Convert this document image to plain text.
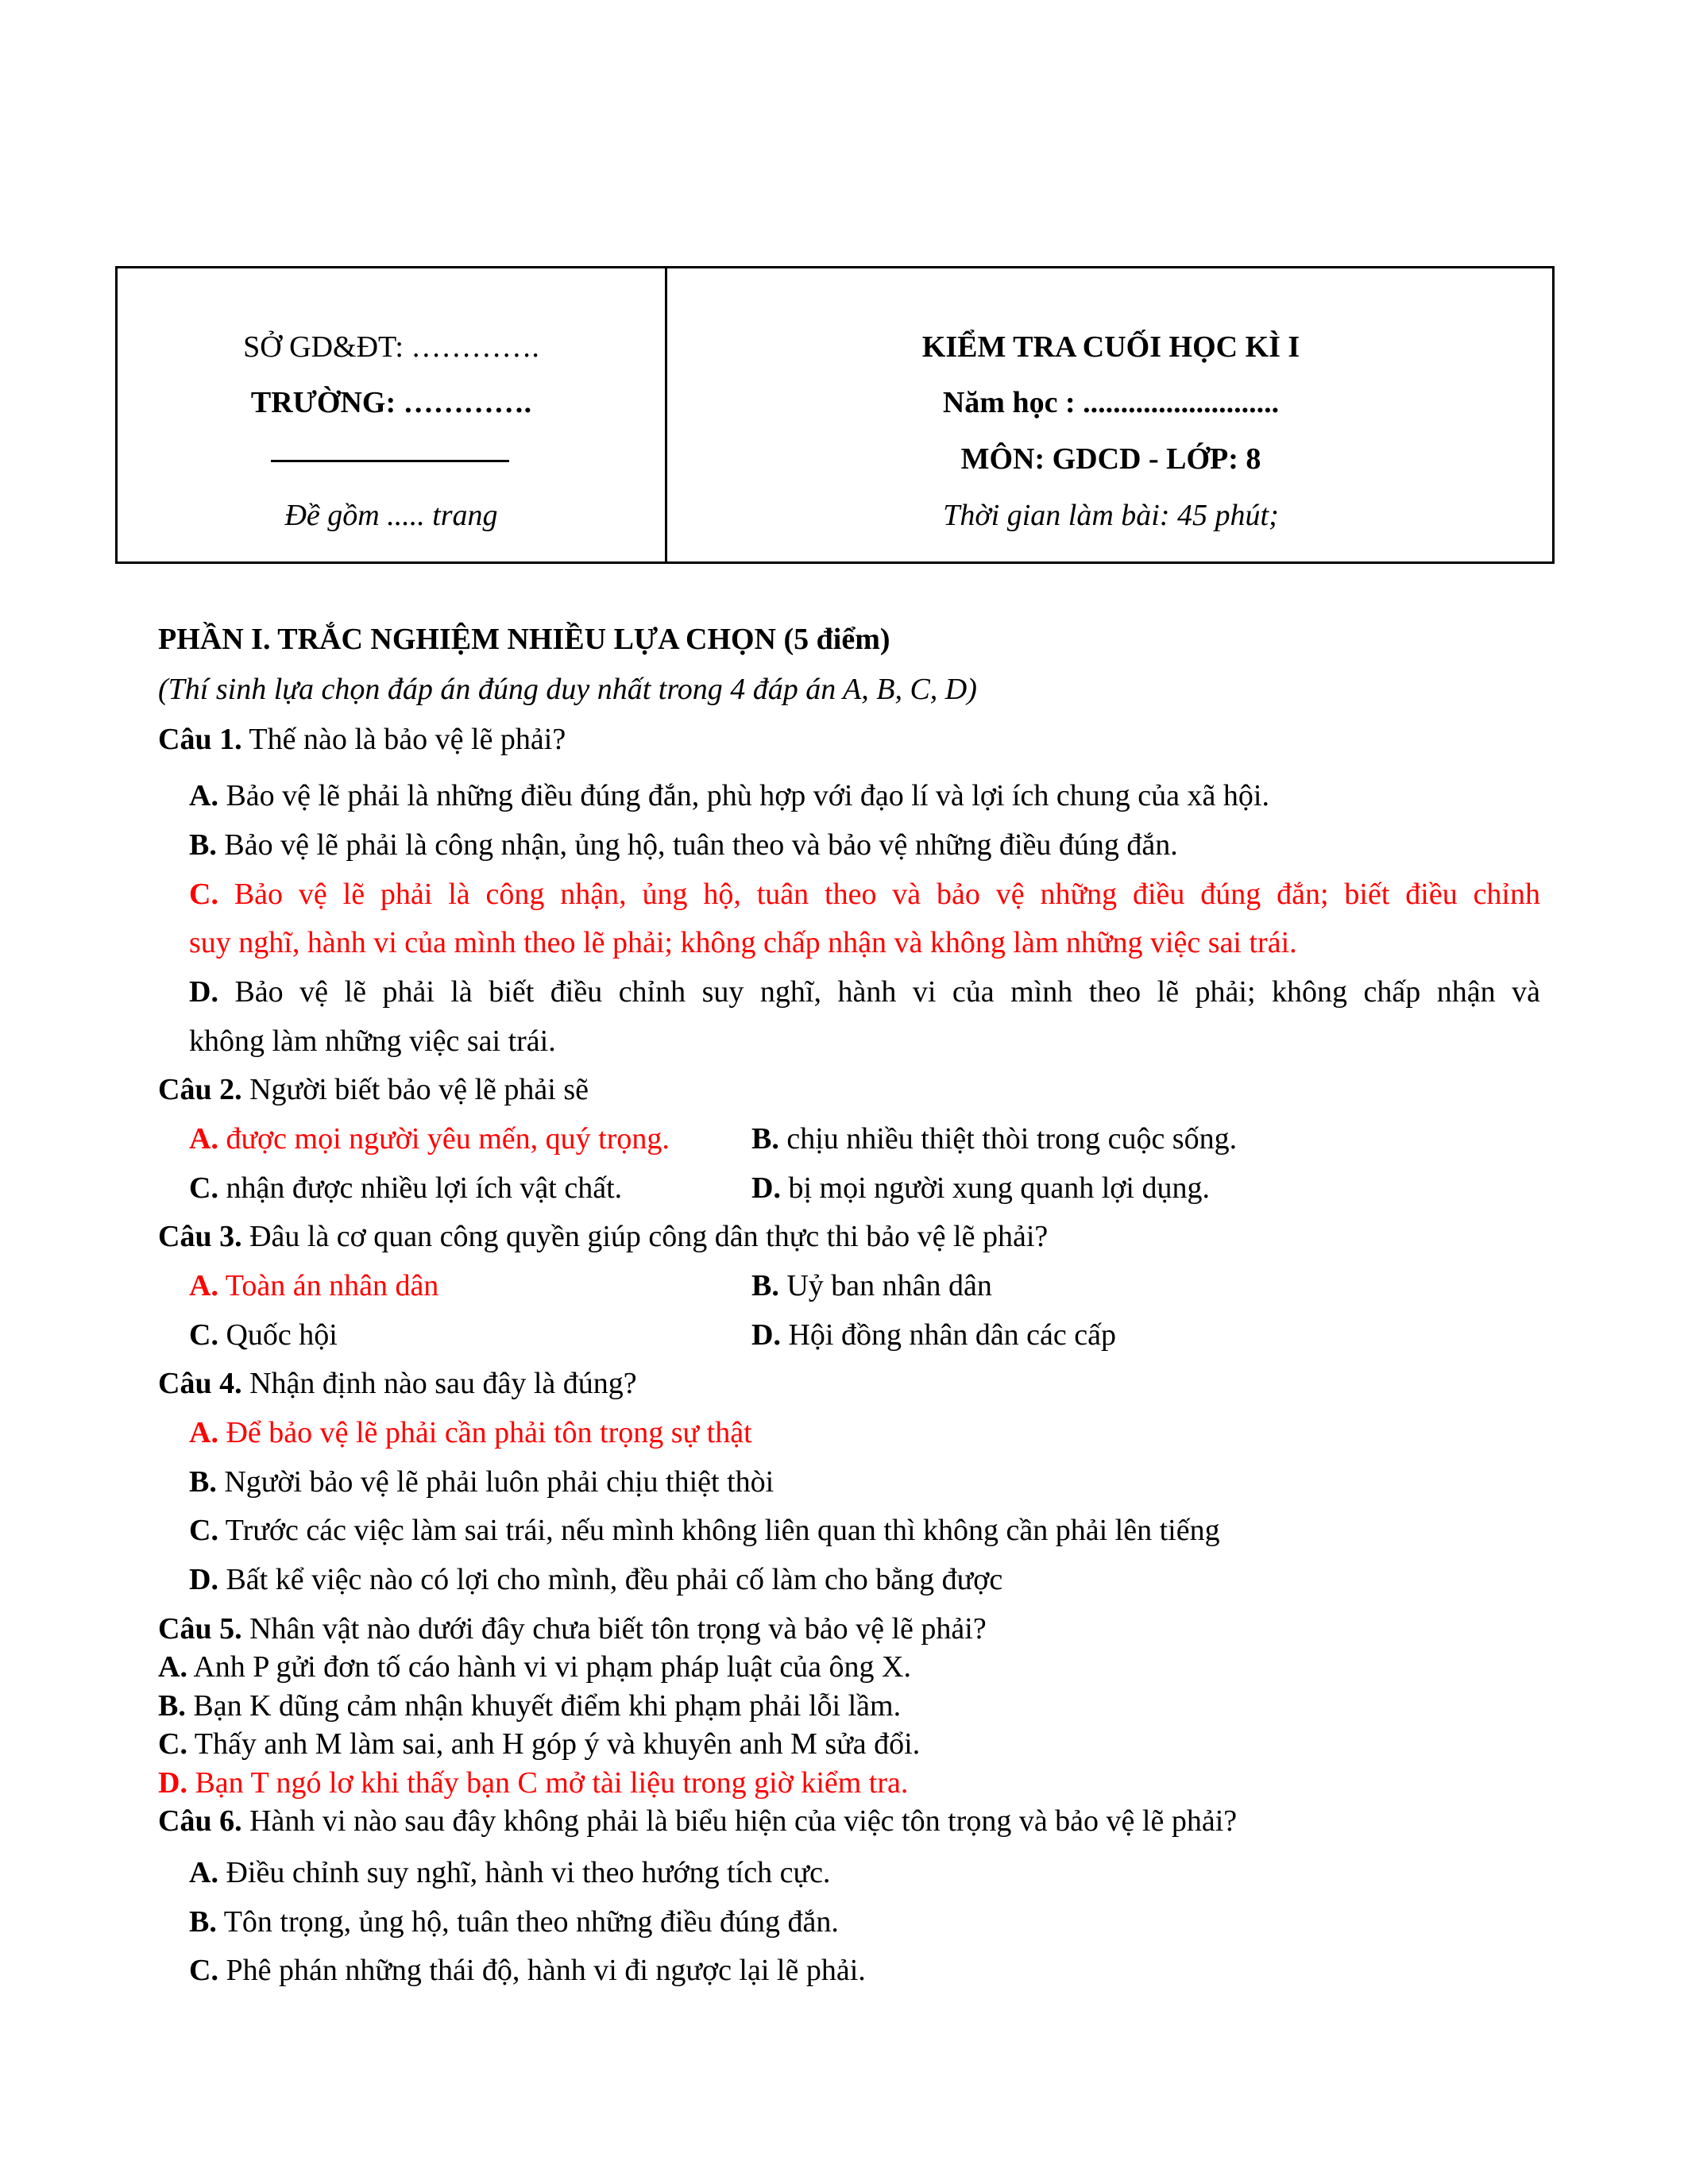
SỞ GD&ĐT: ………….
TRƯỜNG: ………….
Đề gồm ..... trang
KIỂM TRA CUỐI HỌC KÌ I
Năm học : ..........................
MÔN: GDCD - LỚP: 8
Thời gian làm bài: 45 phút;
PHẦN I. TRẮC NGHIỆM NHIỀU LỰA CHỌN (5 điểm)
(Thí sinh lựa chọn đáp án đúng duy nhất trong 4 đáp án A, B, C, D)
Câu 1. Thế nào là bảo vệ lẽ phải?
A. Bảo vệ lẽ phải là những điều đúng đắn, phù hợp với đạo lí và lợi ích chung của xã hội.
B. Bảo vệ lẽ phải là công nhận, ủng hộ, tuân theo và bảo vệ những điều đúng đắn.
C. Bảo vệ lẽ phải là công nhận, ủng hộ, tuân theo và bảo vệ những điều đúng đắn; biết điều chỉnh
suy nghĩ, hành vi của mình theo lẽ phải; không chấp nhận và không làm những việc sai trái.
D. Bảo vệ lẽ phải là biết điều chỉnh suy nghĩ, hành vi của mình theo lẽ phải; không chấp nhận và
không làm những việc sai trái.
Câu 2. Người biết bảo vệ lẽ phải sẽ
A. được mọi người yêu mến, quý trọng.	B. chịu nhiều thiệt thòi trong cuộc sống.
C. nhận được nhiều lợi ích vật chất.	D. bị mọi người xung quanh lợi dụng.
Câu 3. Đâu là cơ quan công quyền giúp công dân thực thi bảo vệ lẽ phải?
A. Toàn án nhân dân	B. Uỷ ban nhân dân
C. Quốc hội	D. Hội đồng nhân dân các cấp
Câu 4. Nhận định nào sau đây là đúng?
A. Để bảo vệ lẽ phải cần phải tôn trọng sự thật
B. Người bảo vệ lẽ phải luôn phải chịu thiệt thòi
C. Trước các việc làm sai trái, nếu mình không liên quan thì không cần phải lên tiếng
D. Bất kể việc nào có lợi cho mình, đều phải cố làm cho bằng được
Câu 5. Nhân vật nào dưới đây chưa biết tôn trọng và bảo vệ lẽ phải?
A. Anh P gửi đơn tố cáo hành vi vi phạm pháp luật của ông X.
B. Bạn K dũng cảm nhận khuyết điểm khi phạm phải lỗi lầm.
C. Thấy anh M làm sai, anh H góp ý và khuyên anh M sửa đổi.
D. Bạn T ngó lơ khi thấy bạn C mở tài liệu trong giờ kiểm tra.
Câu 6. Hành vi nào sau đây không phải là biểu hiện của việc tôn trọng và bảo vệ lẽ phải?
A. Điều chỉnh suy nghĩ, hành vi theo hướng tích cực.
B. Tôn trọng, ủng hộ, tuân theo những điều đúng đắn.
C. Phê phán những thái độ, hành vi đi ngược lại lẽ phải.
